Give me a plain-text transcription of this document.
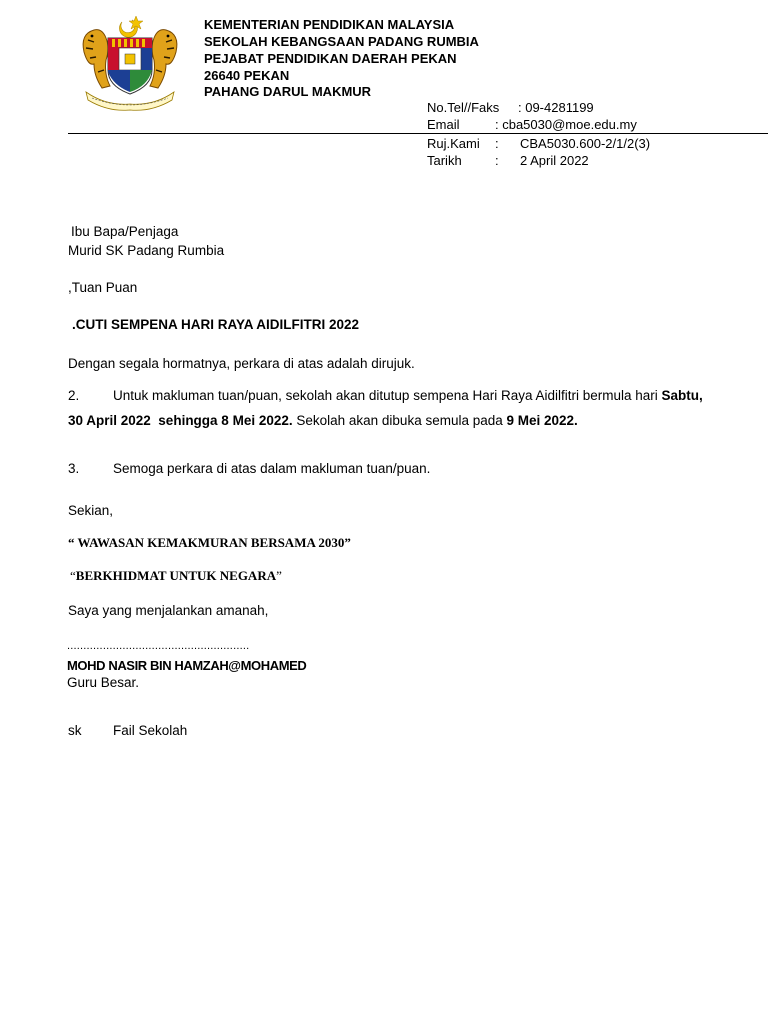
KEMENTERIAN PENDIDIKAN MALAYSIA
SEKOLAH KEBANGSAAN PADANG RUMBIA
PEJABAT PENDIDIKAN DAERAH PEKAN
26640 PEKAN
PAHANG DARUL MAKMUR
No.Tel//Faks : 09-4281199
Email	: cba5030@moe.edu.my
Ruj.Kami : CBA5030.600-2/1/2(3)
Tarikh	: 2 April 2022
Ibu Bapa/Penjaga
Murid SK Padang Rumbia
,Tuan Puan
.CUTI SEMPENA HARI RAYA AIDILFITRI 2022
Dengan segala hormatnya, perkara di atas adalah dirujuk.
2. Untuk makluman tuan/puan, sekolah akan ditutup sempena Hari Raya Aidilfitri bermula hari Sabtu,
30 April 2022  sehingga 8 Mei 2022. Sekolah akan dibuka semula pada 9 Mei 2022.
3. Semoga perkara di atas dalam makluman tuan/puan.
Sekian,
“ WAWASAN KEMAKMURAN BERSAMA 2030”
“BERKHIDMAT UNTUK NEGARA”
Saya yang menjalankan amanah,
........................................................
MOHD NASIR BIN HAMZAH@MOHAMED
Guru Besar.
sk Fail Sekolah
